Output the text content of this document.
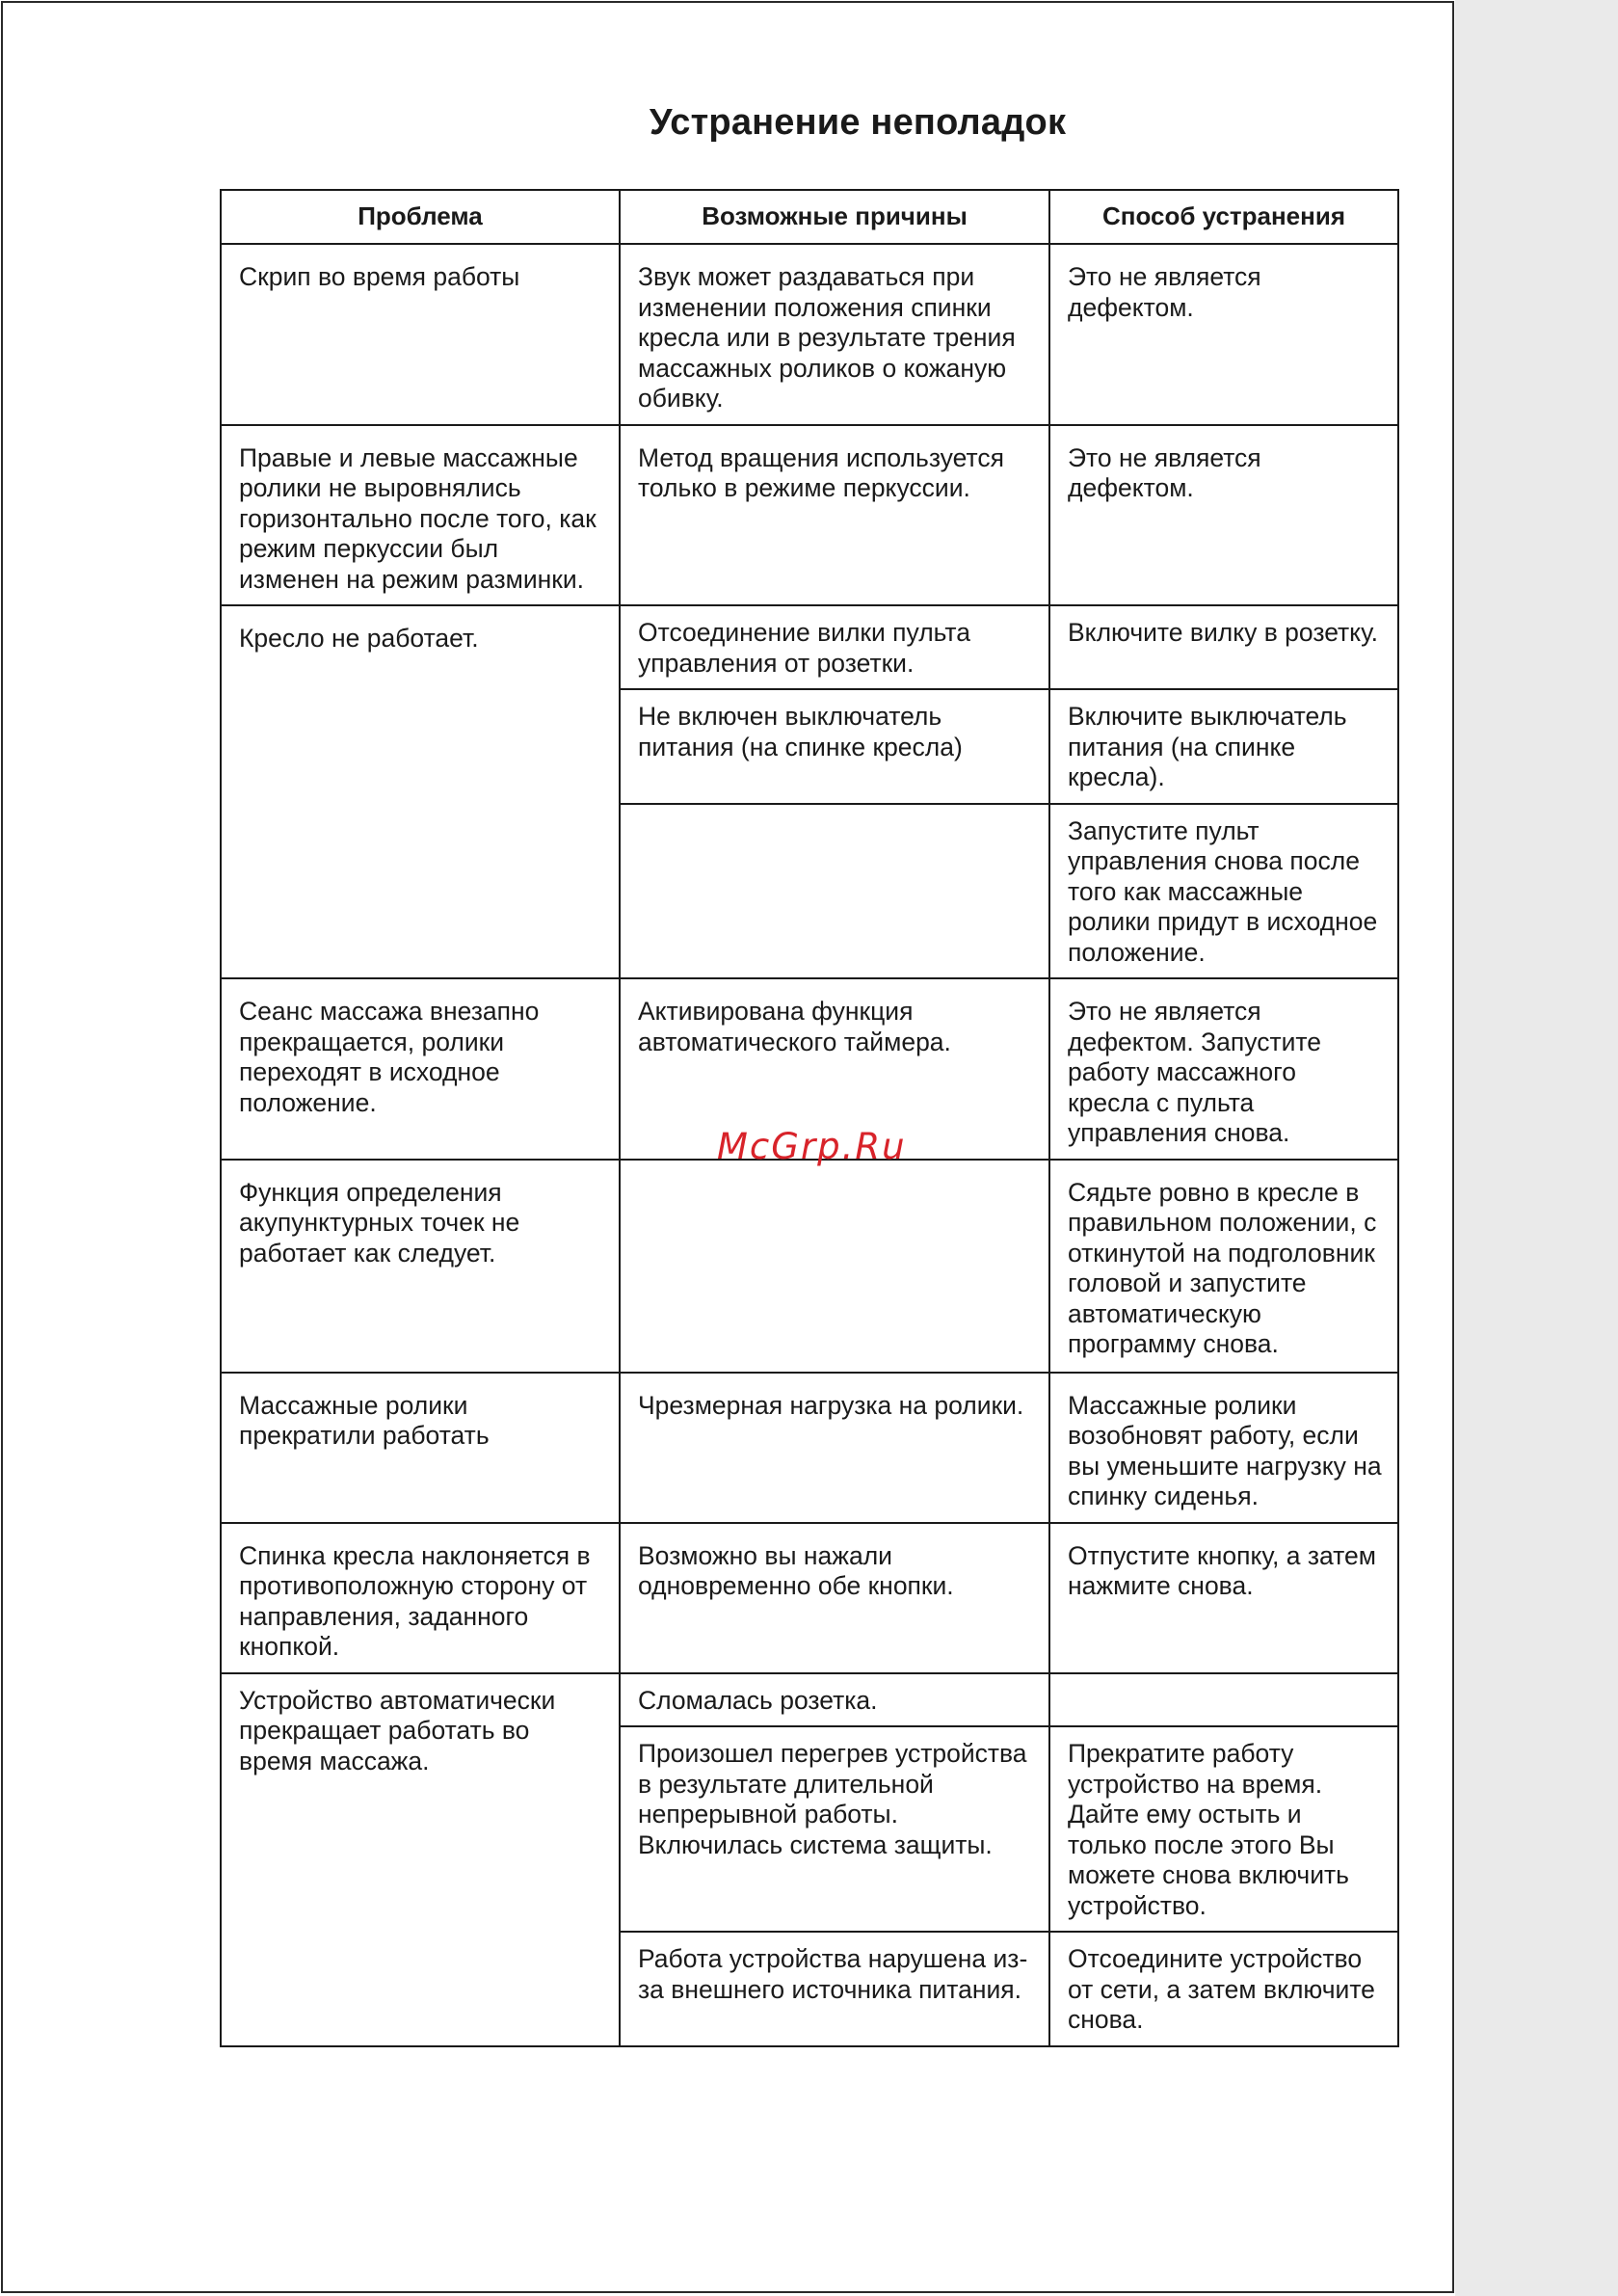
Устранение неполадок
Проблема	Возможные причины	Способ устранения
Скрип во время работы	Звук может раздаваться при изменении положения спинки кресла или в результате трения массажных роликов о кожаную обивку.	Это не является дефектом.
Правые и левые массажные ролики не выровнялись горизонтально после того, как режим перкуссии был изменен на режим разминки.	Метод вращения используется только в режиме перкуссии.	Это не является дефектом.
Кресло не работает.	Отсоединение вилки пульта управления от розетки.	Включите вилку в розетку.
	Не включен выключатель питания (на спинке кресла)	Включите выключатель питания (на спинке кресла).
		Запустите пульт управления снова после того как массажные ролики придут в исходное положение.
Сеанс массажа внезапно прекращается, ролики переходят в исходное положение.	Активирована функция автоматического таймера.	Это не является дефектом. Запустите работу массажного кресла с пульта управления снова.
Функция определения акупунктурных точек не работает как следует.		Сядьте ровно в кресле в правильном положении, с откинутой на подголовник головой и запустите автоматическую программу снова.
Массажные ролики прекратили работать	Чрезмерная нагрузка на ролики.	Массажные ролики возобновят работу, если вы уменьшите нагрузку на спинку сиденья.
Спинка кресла наклоняется в противоположную сторону от направления, заданного кнопкой.	Возможно вы нажали одновременно обе кнопки.	Отпустите кнопку, а затем нажмите снова.
Устройство автоматически прекращает работать во время массажа.	Сломалась розетка.	
	Произошел перегрев устройства в результате длительной непрерывной работы. Включилась система защиты.	Прекратите работу устройство на время. Дайте ему остыть и только после этого Вы можете снова включить устройство.
	Работа устройства нарушена из-за внешнего источника питания.	Отсоедините устройство от сети, а затем включите снова.
McGrp.Ru
